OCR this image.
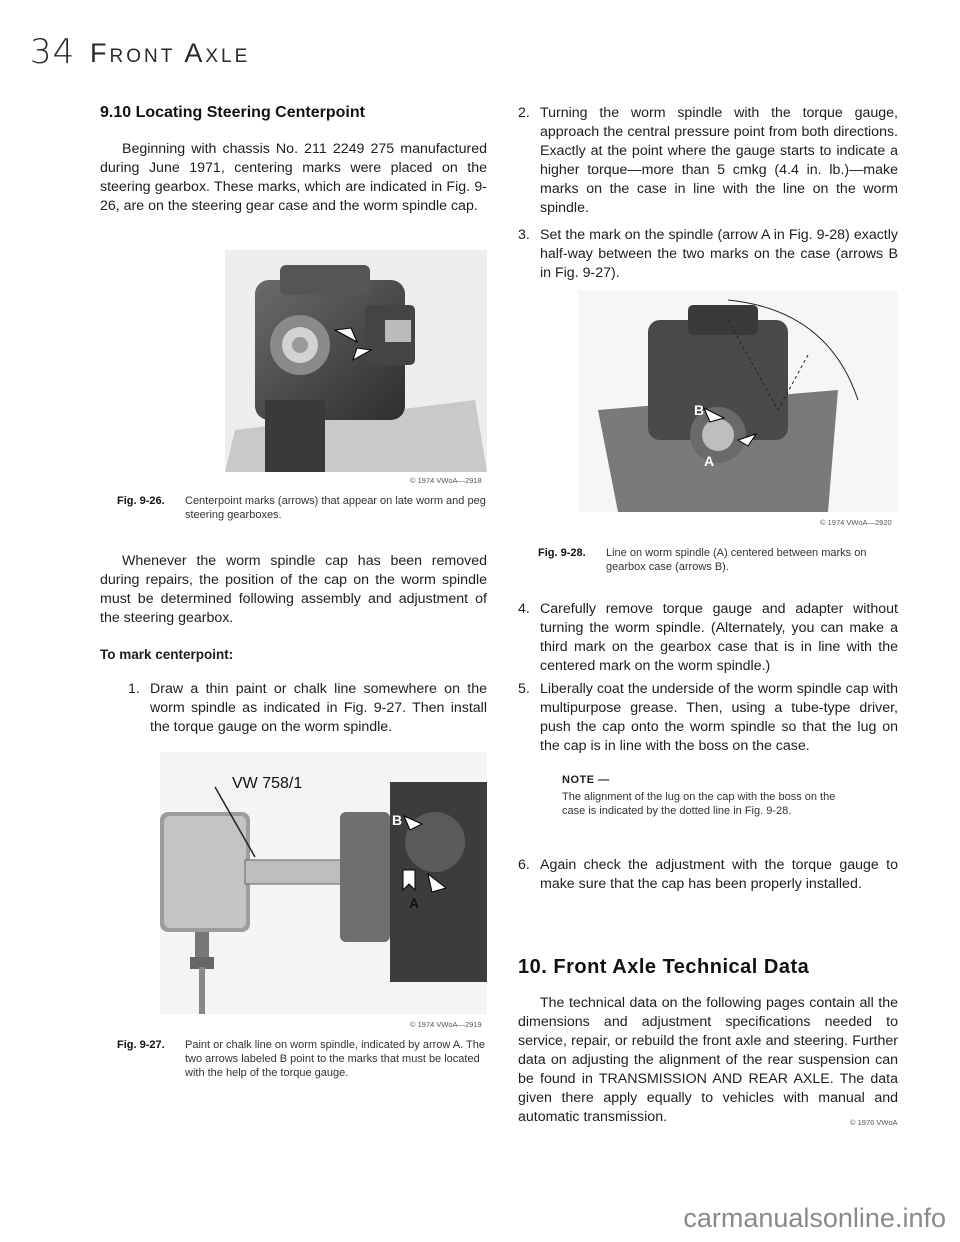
34 Front Axle
9.10 Locating Steering Centerpoint
Beginning with chassis No. 211 2249 275 manufactured during June 1971, centering marks were placed on the steering gearbox. These marks, which are indicated in Fig. 9-26, are on the steering gear case and the worm spindle cap.
© 1974 VWoA—2918
Fig. 9-26.	Centerpoint marks (arrows) that appear on late worm and peg steering gearboxes.
Whenever the worm spindle cap has been removed during repairs, the position of the cap on the worm spindle must be determined following assembly and adjustment of the steering gearbox.
To mark centerpoint:
1. Draw a thin paint or chalk line somewhere on the worm spindle as indicated in Fig. 9-27. Then install the torque gauge on the worm spindle.
VW 758/1
B
A
© 1974 VWoA—2919
Fig. 9-27.	Paint or chalk line on worm spindle, indicated by arrow A. The two arrows labeled B point to the marks that must be located with the help of the torque gauge.
2. Turning the worm spindle with the torque gauge, approach the central pressure point from both directions. Exactly at the point where the gauge starts to indicate a higher torque—more than 5 cmkg (4.4 in. lb.)—make marks on the case in line with the line on the worm spindle.
3. Set the mark on the spindle (arrow A in Fig. 9-28) exactly half-way between the two marks on the case (arrows B in Fig. 9-27).
B
A
© 1974 VWoA—2920
Fig. 9-28.	Line on worm spindle (A) centered between marks on gearbox case (arrows B).
4. Carefully remove torque gauge and adapter without turning the worm spindle. (Alternately, you can make a third mark on the gearbox case that is in line with the centered mark on the worm spindle.)
5. Liberally coat the underside of the worm spindle cap with multipurpose grease. Then, using a tube-type driver, push the cap onto the worm spindle so that the lug on the cap is in line with the boss on the case.
NOTE —
The alignment of the lug on the cap with the boss on the case is indicated by the dotted line in Fig. 9-28.
6. Again check the adjustment with the torque gauge to make sure that the cap has been properly installed.
10. Front Axle Technical Data
The technical data on the following pages contain all the dimensions and adjustment specifications needed to service, repair, or rebuild the front axle and steering. Further data on adjusting the alignment of the rear suspension can be found in TRANSMISSION AND REAR AXLE. The data given there apply equally to vehicles with manual and automatic transmission.	© 1976 VWoA
carmanualsonline.info
